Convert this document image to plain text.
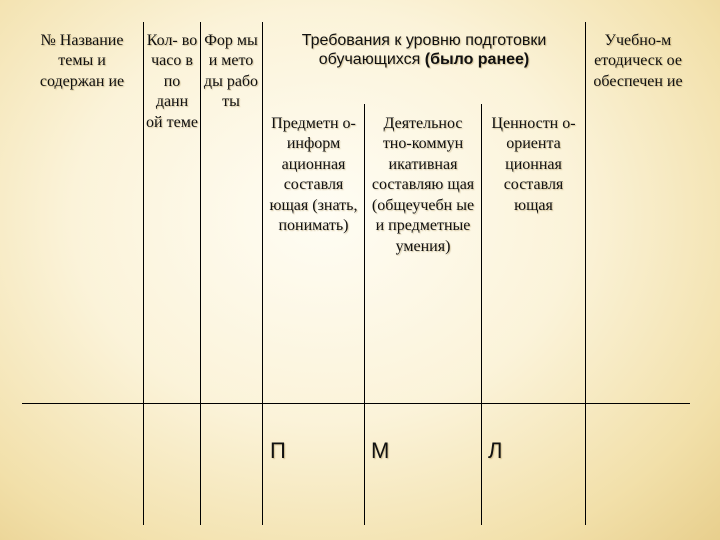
№ Название темы и содержан ие
Кол- во часо в по данн ой теме
Фор мы и мето ды рабо ты
Требования к уровню подготовки обучающихся (было ранее)
Учебно-м етодическ ое обеспечен ие
Предметн о-информ ационная составля ющая (знать, понимать)
Деятельнос тно-коммун икативная составляю щая (общеучебн ые и предметные умения)
Ценностн о-ориента ционная составля ющая
П	М	Л
